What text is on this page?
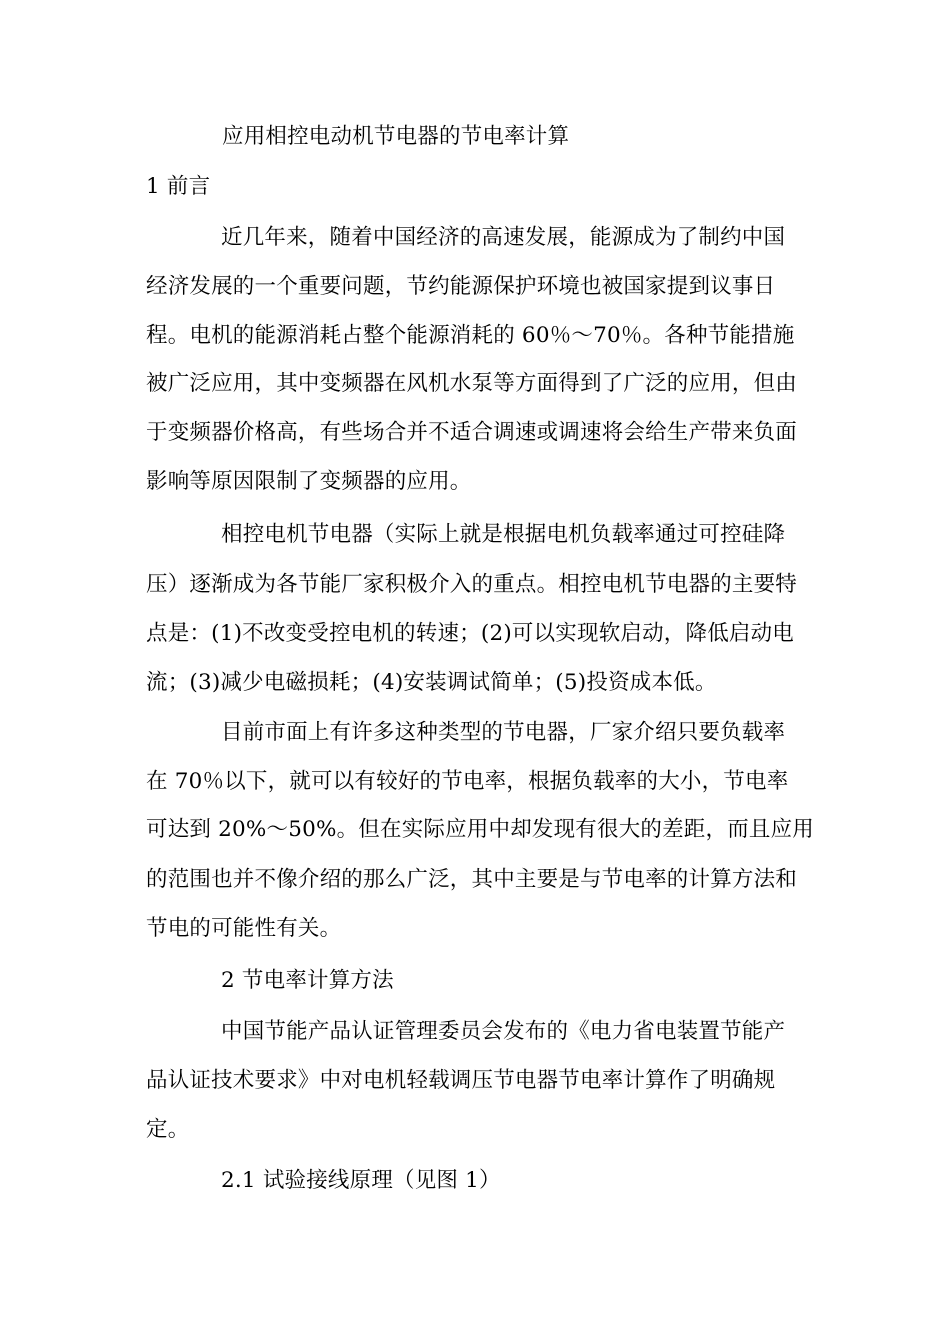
应用相控电动机节电器的节电率计算
1 前言
近几年来，随着中国经济的高速发展，能源成为了制约中国
经济发展的一个重要问题，节约能源保护环境也被国家提到议事日
程。电机的能源消耗占整个能源消耗的 60％～70％。各种节能措施
被广泛应用，其中变频器在风机水泵等方面得到了广泛的应用，但由
于变频器价格高，有些场合并不适合调速或调速将会给生产带来负面
影响等原因限制了变频器的应用。
相控电机节电器（实际上就是根据电机负载率通过可控硅降
压）逐渐成为各节能厂家积极介入的重点。相控电机节电器的主要特
点是：(1)不改变受控电机的转速；(2)可以实现软启动，降低启动电
流；(3)减少电磁损耗；(4)安装调试简单；(5)投资成本低。
目前市面上有许多这种类型的节电器，厂家介绍只要负载率
在 70％以下，就可以有较好的节电率，根据负载率的大小，节电率
可达到 20%～50%。但在实际应用中却发现有很大的差距，而且应用
的范围也并不像介绍的那么广泛，其中主要是与节电率的计算方法和
节电的可能性有关。
2 节电率计算方法
中国节能产品认证管理委员会发布的《电力省电装置节能产
品认证技术要求》中对电机轻载调压节电器节电率计算作了明确规
定。
2.1 试验接线原理（见图 1）
